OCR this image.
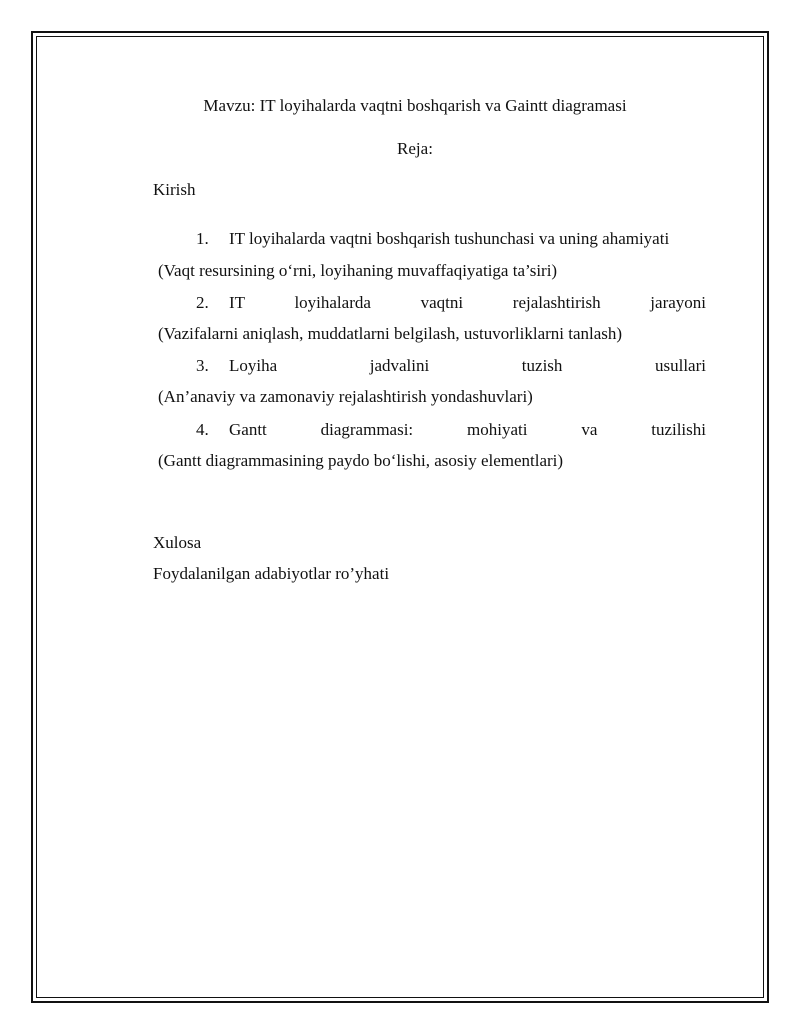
Mavzu: IT loyihalarda vaqtni boshqarish va Gaintt diagramasi
Reja:
Kirish
1. IT loyihalarda vaqtni boshqarish tushunchasi va uning ahamiyati
(Vaqt resursining o‘rni, loyihaning muvaffaqiyatiga ta’siri)
2. IT loyihalarda vaqtni rejalashtirish jarayoni
(Vazifalarni aniqlash, muddatlarni belgilash, ustuvorliklarni tanlash)
3. Loyiha jadvalini tuzish usullari
(An’anaviy va zamonaviy rejalashtirish yondashuvlari)
4. Gantt diagrammasi: mohiyati va tuzilishi
(Gantt diagrammasining paydo bo‘lishi, asosiy elementlari)
Xulosa
Foydalanilgan adabiyotlar ro’yhati
